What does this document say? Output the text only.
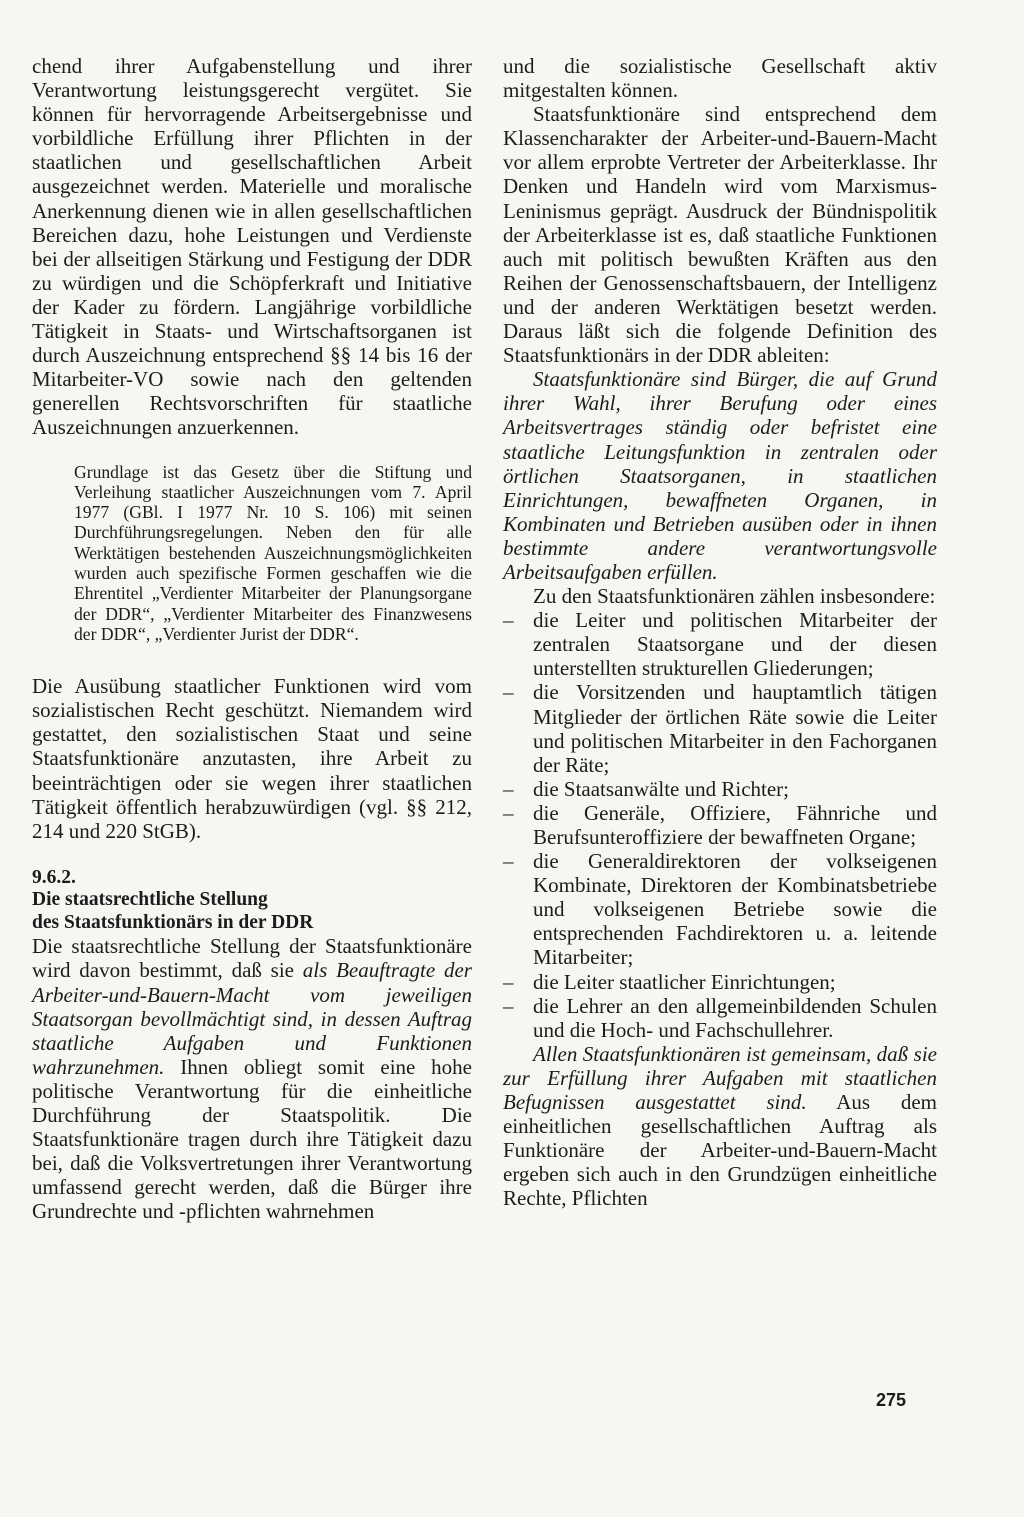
chend ihrer Aufgabenstellung und ihrer Verantwortung leistungsgerecht vergütet. Sie können für hervorragende Arbeitsergebnisse und vorbildliche Erfüllung ihrer Pflichten in der staatlichen und gesellschaftlichen Arbeit ausgezeichnet werden. Materielle und moralische Anerkennung dienen wie in allen gesellschaftlichen Bereichen dazu, hohe Leistungen und Verdienste bei der allseitigen Stärkung und Festigung der DDR zu würdigen und die Schöpferkraft und Initiative der Kader zu fördern. Langjährige vorbildliche Tätigkeit in Staats- und Wirtschaftsorganen ist durch Auszeichnung entsprechend §§ 14 bis 16 der Mitarbeiter-VO sowie nach den geltenden generellen Rechtsvorschriften für staatliche Auszeichnungen anzuerkennen.

Grundlage ist das Gesetz über die Stiftung und Verleihung staatlicher Auszeichnungen vom 7. April 1977 (GBl. I 1977 Nr. 10 S. 106) mit seinen Durchführungsregelungen. Neben den für alle Werktätigen bestehenden Auszeichnungsmöglichkeiten wurden auch spezifische Formen geschaffen wie die Ehrentitel „Verdienter Mitarbeiter der Planungsorgane der DDR“, „Verdienter Mitarbeiter des Finanzwesens der DDR“, „Verdienter Jurist der DDR“.

Die Ausübung staatlicher Funktionen wird vom sozialistischen Recht geschützt. Niemandem wird gestattet, den sozialistischen Staat und seine Staatsfunktionäre anzutasten, ihre Arbeit zu beeinträchtigen oder sie wegen ihrer staatlichen Tätigkeit öffentlich herabzuwürdigen (vgl. §§ 212, 214 und 220 StGB).

9.6.2.
Die staatsrechtliche Stellung
des Staatsfunktionärs in der DDR

Die staatsrechtliche Stellung der Staatsfunktionäre wird davon bestimmt, daß sie als Beauftragte der Arbeiter-und-Bauern-Macht vom jeweiligen Staatsorgan bevollmächtigt sind, in dessen Auftrag staatliche Aufgaben und Funktionen wahrzunehmen. Ihnen obliegt somit eine hohe politische Verantwortung für die einheitliche Durchführung der Staatspolitik. Die Staatsfunktionäre tragen durch ihre Tätigkeit dazu bei, daß die Volksvertretungen ihrer Verantwortung umfassend gerecht werden, daß die Bürger ihre Grundrechte und -pflichten wahrnehmen

und die sozialistische Gesellschaft aktiv mitgestalten können.

Staatsfunktionäre sind entsprechend dem Klassencharakter der Arbeiter-und-Bauern-Macht vor allem erprobte Vertreter der Arbeiterklasse. Ihr Denken und Handeln wird vom Marxismus-Leninismus geprägt. Ausdruck der Bündnispolitik der Arbeiterklasse ist es, daß staatliche Funktionen auch mit politisch bewußten Kräften aus den Reihen der Genossenschaftsbauern, der Intelligenz und der anderen Werktätigen besetzt werden. Daraus läßt sich die folgende Definition des Staatsfunktionärs in der DDR ableiten:

Staatsfunktionäre sind Bürger, die auf Grund ihrer Wahl, ihrer Berufung oder eines Arbeitsvertrages ständig oder befristet eine staatliche Leitungsfunktion in zentralen oder örtlichen Staatsorganen, in staatlichen Einrichtungen, bewaffneten Organen, in Kombinaten und Betrieben ausüben oder in ihnen bestimmte andere verantwortungsvolle Arbeitsaufgaben erfüllen.

Zu den Staatsfunktionären zählen insbesondere:

– die Leiter und politischen Mitarbeiter der zentralen Staatsorgane und der diesen unterstellten strukturellen Gliederungen;
– die Vorsitzenden und hauptamtlich tätigen Mitglieder der örtlichen Räte sowie die Leiter und politischen Mitarbeiter in den Fachorganen der Räte;
– die Staatsanwälte und Richter;
– die Generäle, Offiziere, Fähnriche und Berufsunteroffiziere der bewaffneten Organe;
– die Generaldirektoren der volkseigenen Kombinate, Direktoren der Kombinatsbetriebe und volkseigenen Betriebe sowie die entsprechenden Fachdirektoren u. a. leitende Mitarbeiter;
– die Leiter staatlicher Einrichtungen;
– die Lehrer an den allgemeinbildenden Schulen und die Hoch- und Fachschullehrer.

Allen Staatsfunktionären ist gemeinsam, daß sie zur Erfüllung ihrer Aufgaben mit staatlichen Befugnissen ausgestattet sind. Aus dem einheitlichen gesellschaftlichen Auftrag als Funktionäre der Arbeiter-und-Bauern-Macht ergeben sich auch in den Grundzügen einheitliche Rechte, Pflichten

275
